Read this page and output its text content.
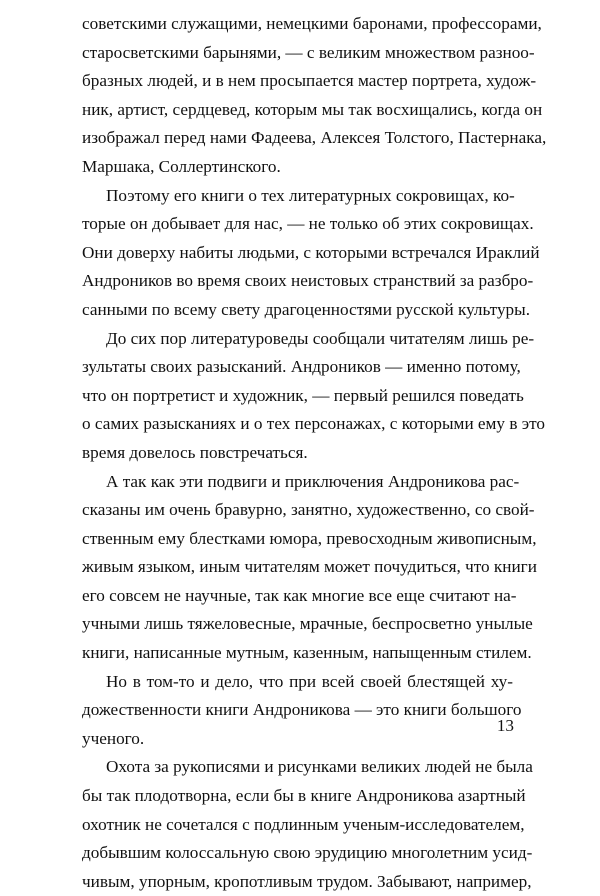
советскими служащими, немецкими баронами, профессорами,
старосветскими барынями, — с великим множеством разноо-
бразных людей, и в нем просыпается мастер портрета, худож-
ник, артист, сердцевед, которым мы так восхищались, когда он
изображал перед нами Фадеева, Алексея Толстого, Пастернака,
Маршака, Соллертинского.
Поэтому его книги о тех литературных сокровищах, ко-
торые он добывает для нас, — не только об этих сокровищах.
Они доверху набиты людьми, с которыми встречался Ираклий
Андроников во время своих неистовых странствий за разбро-
санными по всему свету драгоценностями русской культуры.
До сих пор литературоведы сообщали читателям лишь ре-
зультаты своих разысканий. Андроников — именно потому,
что он портретист и художник, — первый решился поведать
о самих разысканиях и о тех персонажах, с которыми ему в это
время довелось повстречаться.
А так как эти подвиги и приключения Андроникова рас-
сказаны им очень бравурно, занятно, художественно, со свой-
ственным ему блестками юмора, превосходным живописным,
живым языком, иным читателям может почудиться, что книги
его совсем не научные, так как многие все еще считают на-
учными лишь тяжеловесные, мрачные, беспросветно унылые
книги, написанные мутным, казенным, напыщенным стилем.
Но в том-то и дело, что при всей своей блестящей ху-
дожественности книги Андроникова — это книги большого
ученого.
Охота за рукописями и рисунками великих людей не была
бы так плодотворна, если бы в книге Андроникова азартный
охотник не сочетался с подлинным ученым-исследователем,
добывшим колоссальную свою эрудицию многолетним усид-
чивым, упорным, кропотливым трудом. Забывают, например,
13
